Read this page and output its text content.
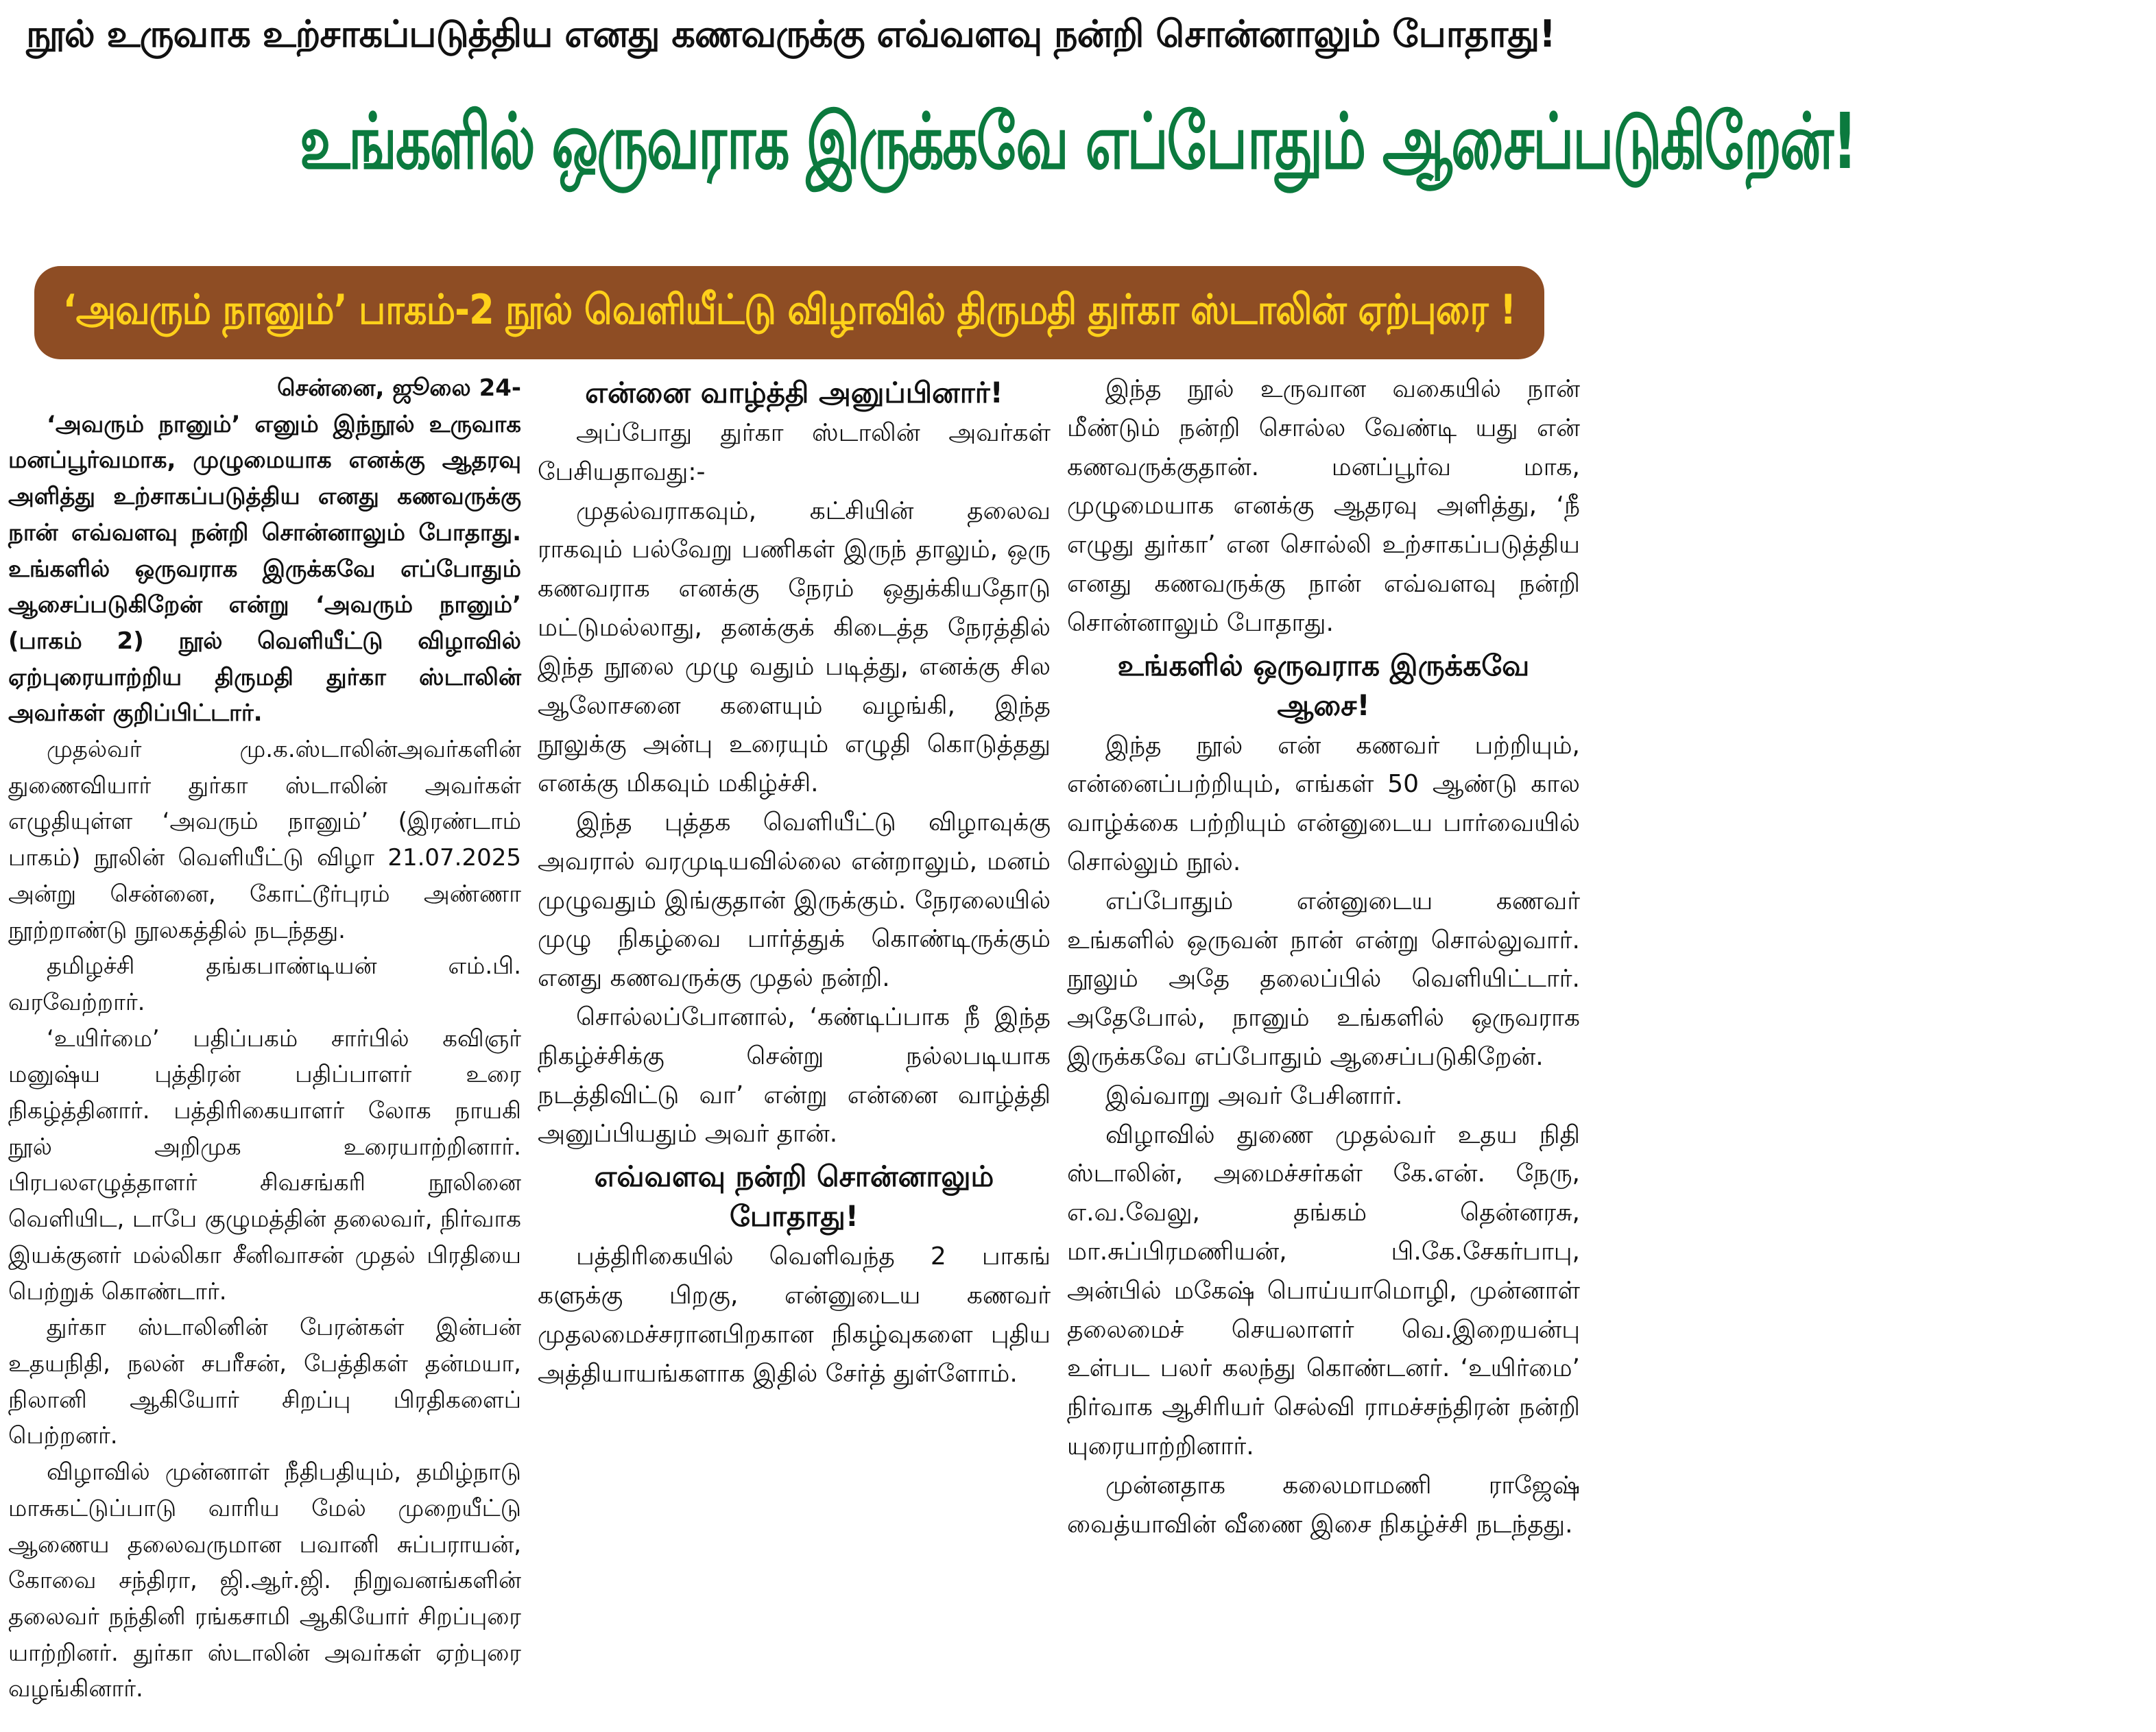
நூல் உருவாக உற்சாகப்படுத்திய எனது கணவருக்கு எவ்வளவு நன்றி சொன்னாலும் போதாது!
உங்களில் ஒருவராக இருக்கவே எப்போதும் ஆசைப்படுகிறேன்!
‘அவரும் நானும்’ பாகம்-2 நூல் வெளியீட்டு விழாவில் திருமதி துர்கா ஸ்டாலின் ஏற்புரை !

சென்னை, ஜூலை 24-

‘அவரும் நானும்’ எனும் இந்நூல் உருவாக மனப்பூர்வமாக, முழுமையாக எனக்கு ஆதரவு அளித்து உற்சாகப்படுத்திய எனது கணவருக்கு நான் எவ்வளவு நன்றி சொன்னாலும் போதாது. உங்களில் ஒருவராக இருக்கவே எப்போதும் ஆசைப்படுகிறேன் என்று ‘அவரும் நானும்’ (பாகம் 2) நூல் வெளியீட்டு விழாவில் ஏற்புரையாற்றிய திருமதி துர்கா ஸ்டாலின் அவர்கள் குறிப்பிட்டார்.

முதல்வர் மு.க.ஸ்டாலின்அவர்களின் துணைவியார் துர்கா ஸ்டாலின் அவர்கள் எழுதியுள்ள ‘அவரும் நானும்’ (இரண்டாம் பாகம்) நூலின் வெளியீட்டு விழா 21.07.2025 அன்று சென்னை, கோட்டூர்புரம் அண்ணா நூற்றாண்டு நூலகத்தில் நடந்தது.

தமிழச்சி தங்கபாண்டியன் எம்.பி. வரவேற்றார்.

‘உயிர்மை’ பதிப்பகம் சார்பில் கவிஞர் மனுஷ்ய புத்திரன் பதிப்பாளர் உரை நிகழ்த்தினார். பத்திரிகையாளர் லோக நாயகி நூல் அறிமுக உரையாற்றினார். பிரபலஎழுத்தாளர் சிவசங்கரி நூலினை வெளியிட, டாபே குழுமத்தின் தலைவர், நிர்வாக இயக்குனர் மல்லிகா சீனிவாசன் முதல் பிரதியை பெற்றுக் கொண்டார்.

துர்கா ஸ்டாலினின் பேரன்கள் இன்பன் உதயநிதி, நலன் சபரீசன், பேத்திகள் தன்மயா, நிலானி ஆகியோர் சிறப்பு பிரதிகளைப் பெற்றனர்.

விழாவில் முன்னாள் நீதிபதியும், தமிழ்நாடு மாசுகட்டுப்பாடு வாரிய மேல் முறையீட்டு ஆணைய தலைவருமான பவானி சுப்பராயன், கோவை சந்திரா, ஜி.ஆர்.ஜி. நிறுவனங்களின் தலைவர் நந்தினி ரங்கசாமி ஆகியோர் சிறப்புரை யாற்றினர். துர்கா ஸ்டாலின் அவர்கள் ஏற்புரை வழங்கினார்.

என்னை வாழ்த்தி அனுப்பினார்!

அப்போது துர்கா ஸ்டாலின் அவர்கள் பேசியதாவது:-

முதல்வராகவும், கட்சியின் தலைவ ராகவும் பல்வேறு பணிகள் இருந் தாலும், ஒரு கணவராக எனக்கு நேரம் ஒதுக்கியதோடு மட்டுமல்லாது, தனக்குக் கிடைத்த நேரத்தில் இந்த நூலை முழு வதும் படித்து, எனக்கு சில ஆலோசனை களையும் வழங்கி, இந்த நூலுக்கு அன்பு உரையும் எழுதி கொடுத்தது எனக்கு மிகவும் மகிழ்ச்சி.

இந்த புத்தக வெளியீட்டு விழாவுக்கு அவரால் வரமுடியவில்லை என்றாலும், மனம் முழுவதும் இங்குதான் இருக்கும். நேரலையில் முழு நிகழ்வை பார்த்துக் கொண்டிருக்கும் எனது கணவருக்கு முதல் நன்றி.

சொல்லப்போனால், ‘கண்டிப்பாக நீ இந்த நிகழ்ச்சிக்கு சென்று நல்லபடியாக நடத்திவிட்டு வா’ என்று என்னை வாழ்த்தி அனுப்பியதும் அவர் தான்.

எவ்வளவு நன்றி சொன்னாலும் போதாது!

பத்திரிகையில் வெளிவந்த 2 பாகங் களுக்கு பிறகு, என்னுடைய கணவர் முதலமைச்சரானபிறகான நிகழ்வுகளை புதிய அத்தியாயங்களாக இதில் சேர்த் துள்ளோம்.

இந்த நூல் உருவான வகையில் நான் மீண்டும் நன்றி சொல்ல வேண்டி யது என் கணவருக்குதான். மனப்பூர்வ மாக, முழுமையாக எனக்கு ஆதரவு அளித்து, ‘நீ எழுது துர்கா’ என சொல்லி உற்சாகப்படுத்திய எனது கணவருக்கு நான் எவ்வளவு நன்றி சொன்னாலும் போதாது.

உங்களில் ஒருவராக இருக்கவே ஆசை!

இந்த நூல் என் கணவர் பற்றியும், என்னைப்பற்றியும், எங்கள் 50 ஆண்டு கால வாழ்க்கை பற்றியும் என்னுடைய பார்வையில் சொல்லும் நூல்.

எப்போதும் என்னுடைய கணவர் உங்களில் ஒருவன் நான் என்று சொல்லுவார். நூலும் அதே தலைப்பில் வெளியிட்டார். அதேபோல், நானும் உங்களில் ஒருவராக இருக்கவே எப்போதும் ஆசைப்படுகிறேன்.

இவ்வாறு அவர் பேசினார்.

விழாவில் துணை முதல்வர் உதய நிதி ஸ்டாலின், அமைச்சர்கள் கே.என். நேரு, எ.வ.வேலு, தங்கம் தென்னரசு, மா.சுப்பிரமணியன், பி.கே.சேகர்பாபு, அன்பில் மகேஷ் பொய்யாமொழி, முன்னாள் தலைமைச் செயலாளர் வெ.இறையன்பு உள்பட பலர் கலந்து கொண்டனர். ‘உயிர்மை’ நிர்வாக ஆசிரியர் செல்வி ராமச்சந்திரன் நன்றி யுரையாற்றினார்.

முன்னதாக கலைமாமணி ராஜேஷ் வைத்யாவின் வீணை இசை நிகழ்ச்சி நடந்தது.
